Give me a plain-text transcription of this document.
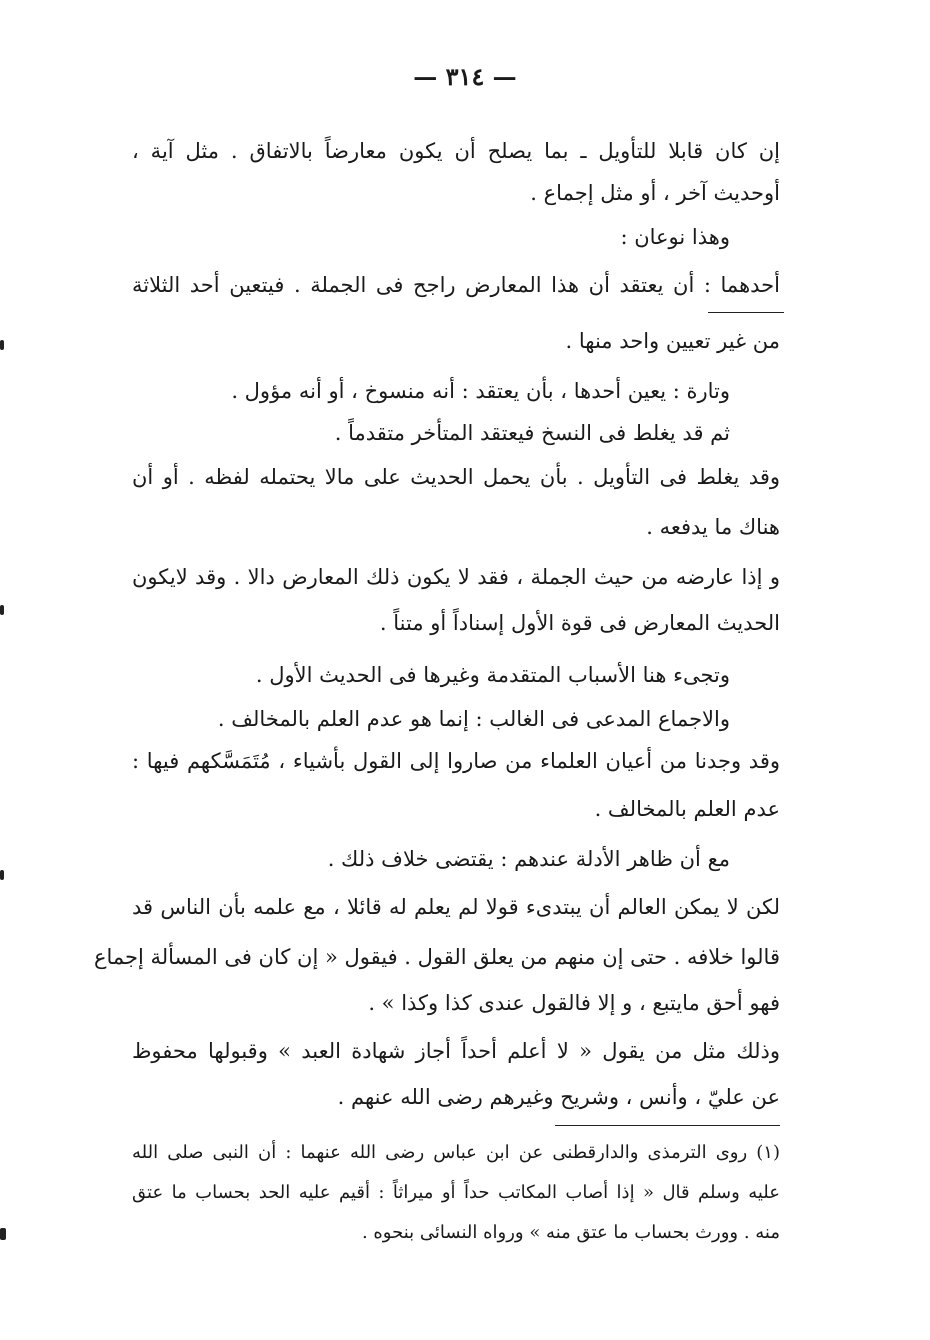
— ٣١٤ —
إن كان قابلا للتأويل ـ بما يصلح أن يكون معارضاً بالاتفاق . مثل آية ،
أوحديث آخر ، أو مثل إجماع .
وهذا نوعان :
أحدهما : أن يعتقد أن هذا المعارض راجح فى الجملة . فيتعين أحد الثلاثة
من غير تعيين واحد منها .
وتارة : يعين أحدها ، بأن يعتقد : أنه منسوخ ، أو أنه مؤول .
ثم قد يغلط فى النسخ فيعتقد المتأخر متقدماً .
وقد يغلط فى التأويل . بأن يحمل الحديث على مالا يحتمله لفظه . أو أن
هناك ما يدفعه .
و إذا عارضه من حيث الجملة ، فقد لا يكون ذلك المعارض دالا . وقد لايكون
الحديث المعارض فى قوة الأول إسناداً أو متناً .
وتجىء هنا الأسباب المتقدمة وغيرها فى الحديث الأول .
والاجماع المدعى فى الغالب : إنما هو عدم العلم بالمخالف .
وقد وجدنا من أعيان العلماء من صاروا إلى القول بأشياء ، مُتَمَسَّكهم فيها :
عدم العلم بالمخالف .
مع أن ظاهر الأدلة عندهم : يقتضى خلاف ذلك .
لكن لا يمكن العالم أن يبتدىء قولا لم يعلم له قائلا ، مع علمه بأن الناس قد
قالوا خلافه . حتى إن منهم من يعلق القول . فيقول « إن كان فى المسألة إجماع
فهو أحق مايتبع ، و إلا فالقول عندى كذا وكذا » .
وذلك مثل من يقول « لا أعلم أحداً أجاز شهادة العبد » وقبولها محفوظ
عن عليّ ، وأنس ، وشريح وغيرهم رضى الله عنهم .
(١) روى الترمذى والدارقطنى عن ابن عباس رضى الله عنهما : أن النبى صلى الله
عليه وسلم قال « إذا أصاب المكاتب حداً أو ميراثاً : أقيم عليه الحد بحساب ما عتق
منه . وورث بحساب ما عتق منه » ورواه النسائى بنحوه .
